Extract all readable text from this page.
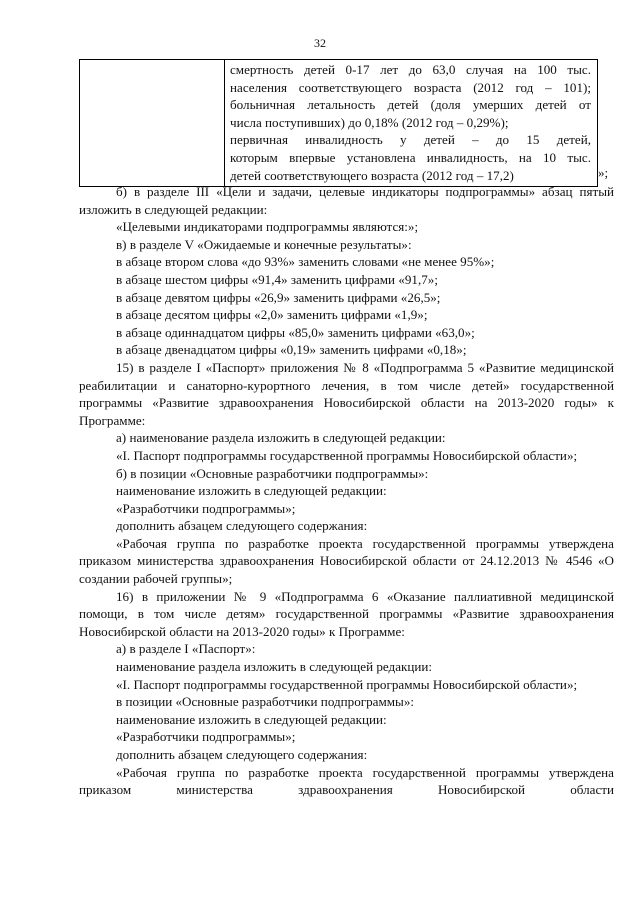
32

смертность детей 0-17 лет до 63,0 случая на 100 тыс.
населения соответствующего возраста (2012 год – 101);
больничная летальность детей (доля умерших детей от
числа поступивших) до 0,18% (2012 год – 0,29%);
первичная инвалидность у детей – до 15 детей,
которым впервые установлена инвалидность, на 10 тыс.
детей соответствующего возраста (2012 год – 17,2)	»;

б) в разделе III «Цели и задачи, целевые индикаторы подпрограммы» абзац пятый изложить в следующей редакции:

«Целевыми индикаторами подпрограммы являются:»;

в) в разделе V «Ожидаемые и конечные результаты»:

в абзаце втором слова «до 93%» заменить словами «не менее 95%»;

в абзаце шестом цифры «91,4» заменить цифрами «91,7»;

в абзаце девятом цифры «26,9» заменить цифрами «26,5»;

в абзаце десятом цифры «2,0» заменить цифрами «1,9»;

в абзаце одиннадцатом цифры «85,0» заменить цифрами «63,0»;

в абзаце двенадцатом цифры «0,19» заменить цифрами «0,18»;

15) в разделе I «Паспорт» приложения № 8 «Подпрограмма 5 «Развитие медицинской реабилитации и санаторно-курортного лечения, в том числе детей» государственной программы «Развитие здравоохранения Новосибирской области на 2013-2020 годы» к Программе:

а) наименование раздела изложить в следующей редакции:

«I. Паспорт подпрограммы государственной программы Новосибирской области»;

б) в позиции «Основные разработчики подпрограммы»:

наименование изложить в следующей редакции:

«Разработчики подпрограммы»;

дополнить абзацем следующего содержания:

«Рабочая группа по разработке проекта государственной программы утверждена приказом министерства здравоохранения Новосибирской области от 24.12.2013 № 4546 «О создании рабочей группы»;

16) в приложении № 9 «Подпрограмма 6 «Оказание паллиативной медицинской помощи, в том числе детям» государственной программы «Развитие здравоохранения Новосибирской области на 2013-2020 годы» к Программе:

а) в разделе I «Паспорт»:

наименование раздела изложить в следующей редакции:

«I. Паспорт подпрограммы государственной программы Новосибирской области»;

в позиции «Основные разработчики подпрограммы»:

наименование изложить в следующей редакции:

«Разработчики подпрограммы»;

дополнить абзацем следующего содержания:

«Рабочая группа по разработке проекта государственной программы утверждена приказом министерства здравоохранения Новосибирской области
